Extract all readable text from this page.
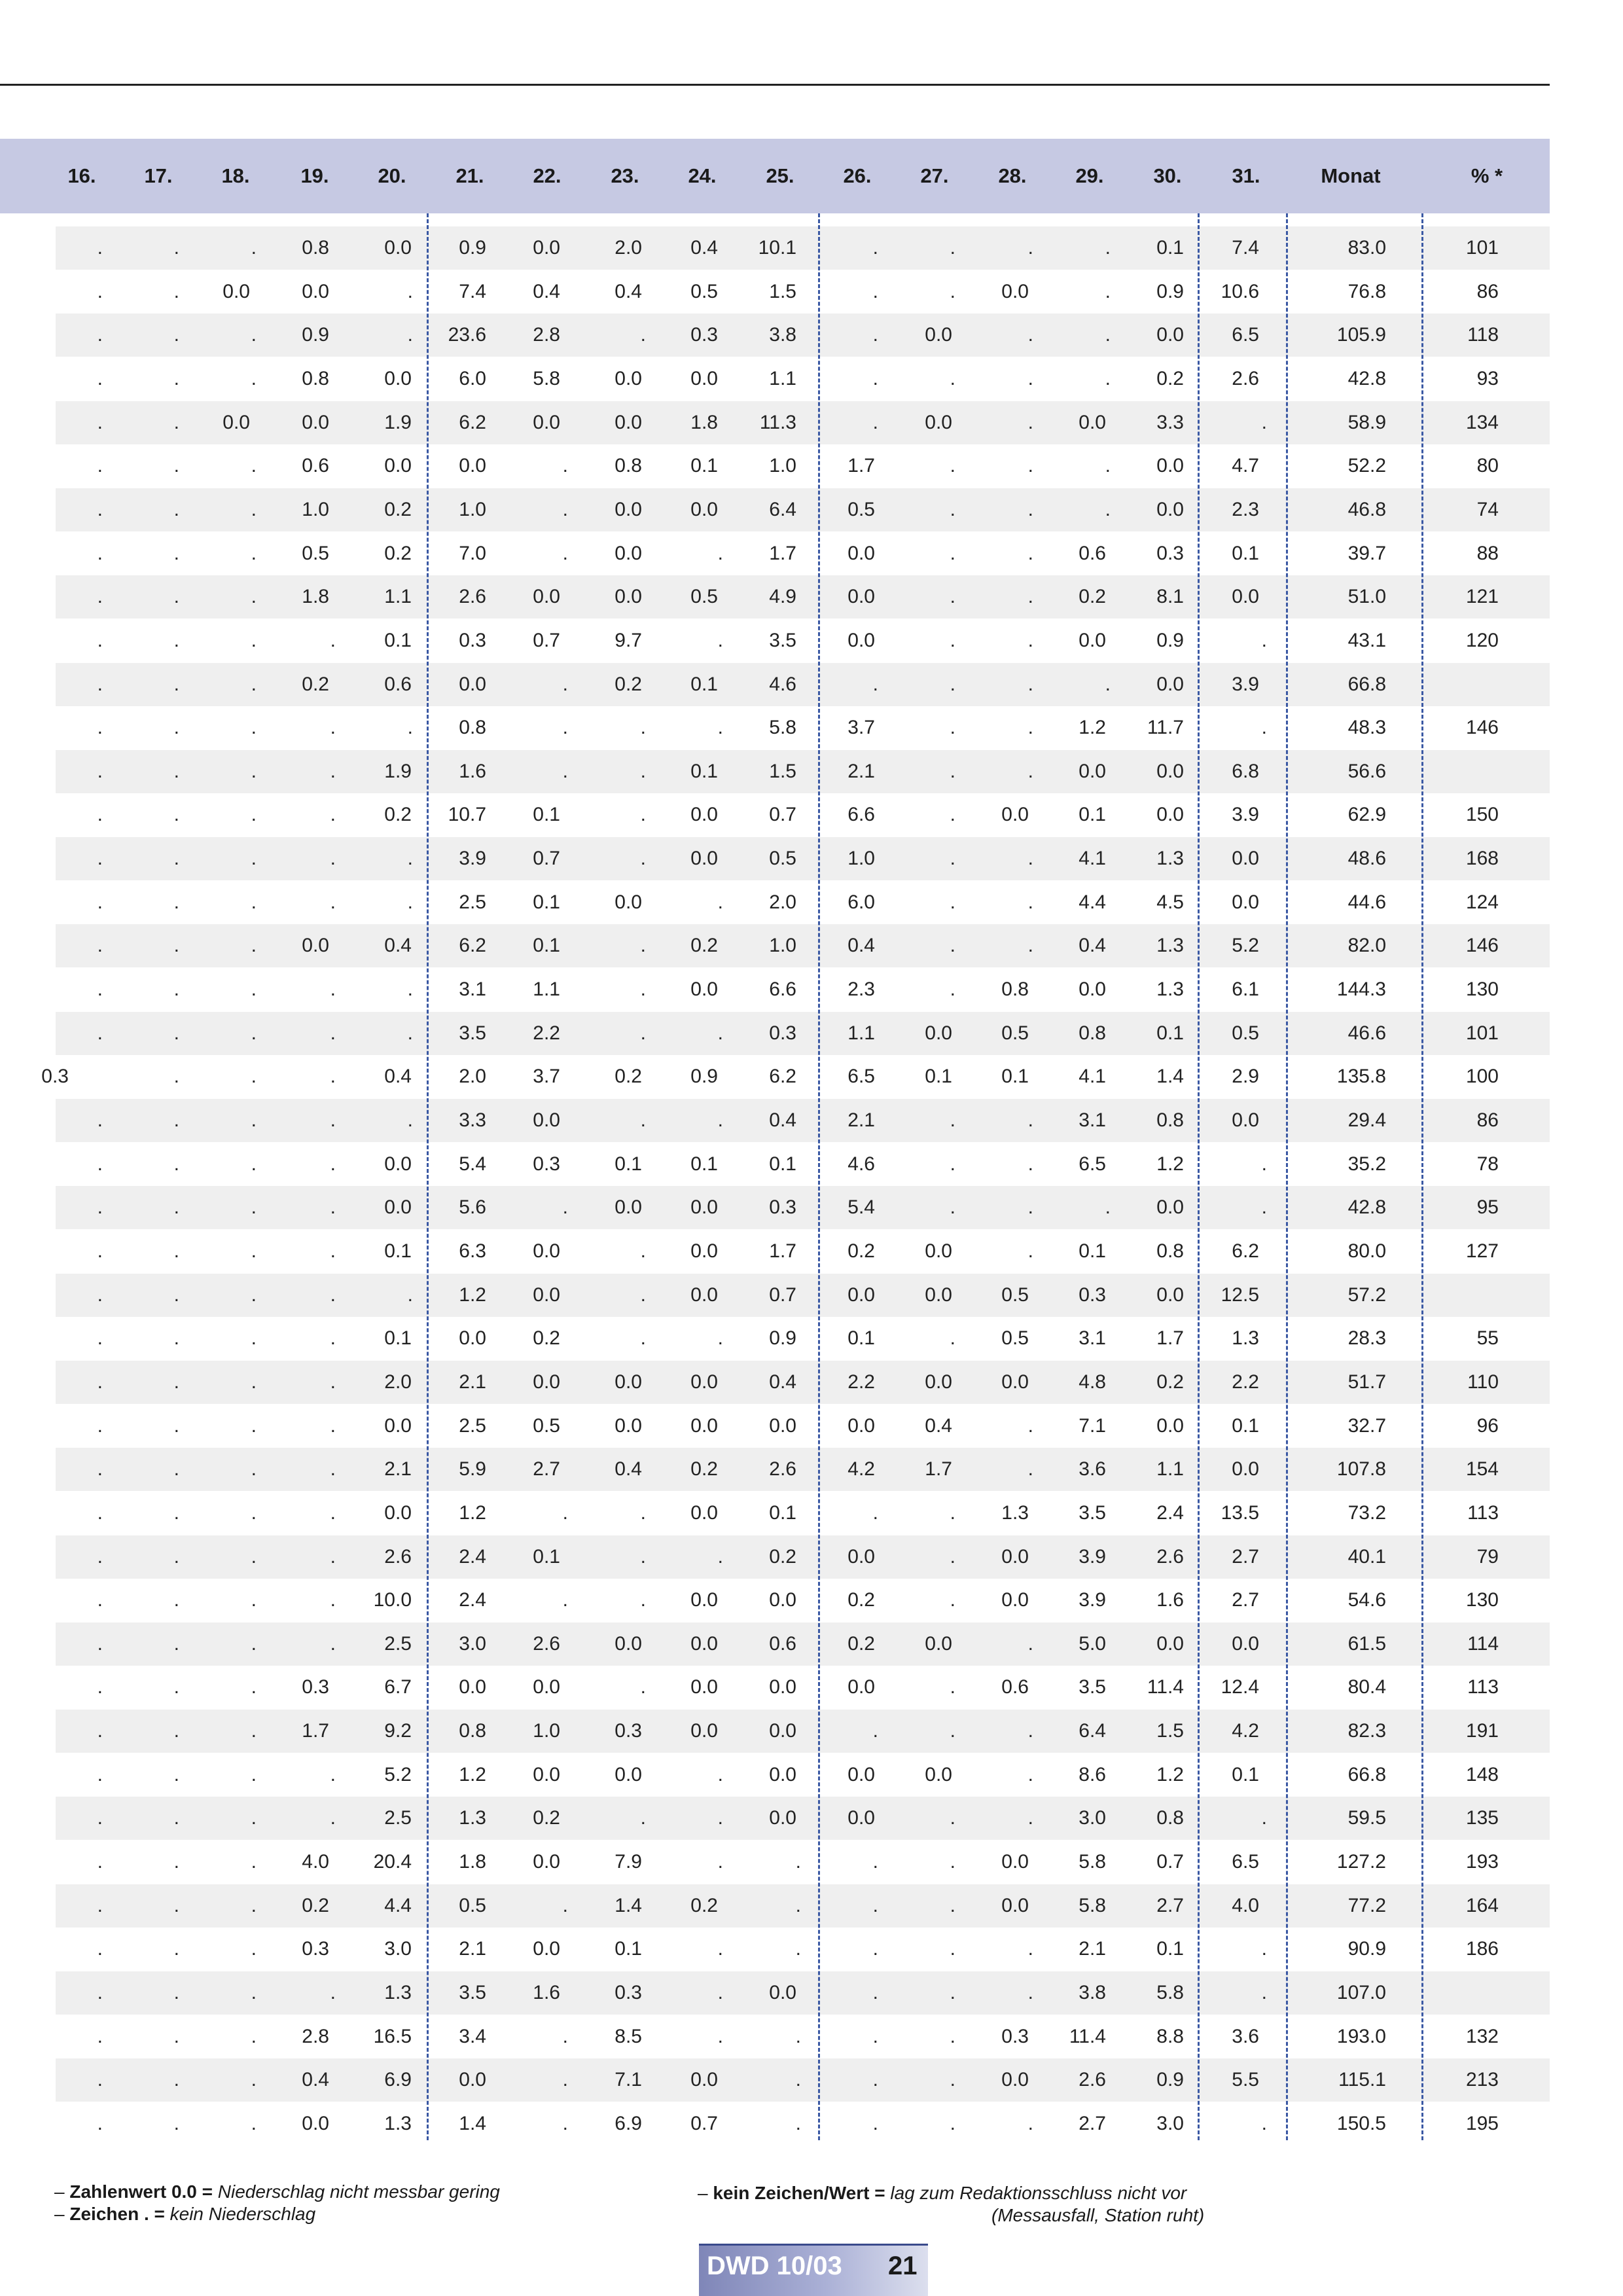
16.	17.	18.	19.	20.	21.	22.	23.	24.	25.	26.	27.	28.	29.	30.	31.	Monat	% *
.	.	.	0.8	0.0	0.9	0.0	2.0	0.4	10.1	.	.	.	.	0.1	7.4	83.0	101
.	.	0.0	0.0	.	7.4	0.4	0.4	0.5	1.5	.	.	0.0	.	0.9	10.6	76.8	86
.	.	.	0.9	.	23.6	2.8	.	0.3	3.8	.	0.0	.	.	0.0	6.5	105.9	118
.	.	.	0.8	0.0	6.0	5.8	0.0	0.0	1.1	.	.	.	.	0.2	2.6	42.8	93
.	.	0.0	0.0	1.9	6.2	0.0	0.0	1.8	11.3	.	0.0	.	0.0	3.3	.	58.9	134
.	.	.	0.6	0.0	0.0	.	0.8	0.1	1.0	1.7	.	.	.	0.0	4.7	52.2	80
.	.	.	1.0	0.2	1.0	.	0.0	0.0	6.4	0.5	.	.	.	0.0	2.3	46.8	74
.	.	.	0.5	0.2	7.0	.	0.0	.	1.7	0.0	.	.	0.6	0.3	0.1	39.7	88
.	.	.	1.8	1.1	2.6	0.0	0.0	0.5	4.9	0.0	.	.	0.2	8.1	0.0	51.0	121
.	.	.	.	0.1	0.3	0.7	9.7	.	3.5	0.0	.	.	0.0	0.9	.	43.1	120
.	.	.	0.2	0.6	0.0	.	0.2	0.1	4.6	.	.	.	.	0.0	3.9	66.8
.	.	.	.	.	0.8	.	.	.	5.8	3.7	.	.	1.2	11.7	.	48.3	146
.	.	.	.	1.9	1.6	.	.	0.1	1.5	2.1	.	.	0.0	0.0	6.8	56.6
.	.	.	.	0.2	10.7	0.1	.	0.0	0.7	6.6	.	0.0	0.1	0.0	3.9	62.9	150
.	.	.	.	.	3.9	0.7	.	0.0	0.5	1.0	.	.	4.1	1.3	0.0	48.6	168
.	.	.	.	.	2.5	0.1	0.0	.	2.0	6.0	.	.	4.4	4.5	0.0	44.6	124
.	.	.	0.0	0.4	6.2	0.1	.	0.2	1.0	0.4	.	.	0.4	1.3	5.2	82.0	146
.	.	.	.	.	3.1	1.1	.	0.0	6.6	2.3	.	0.8	0.0	1.3	6.1	144.3	130
.	.	.	.	.	3.5	2.2	.	.	0.3	1.1	0.0	0.5	0.8	0.1	0.5	46.6	101
0.3	.	.	.	0.4	2.0	3.7	0.2	0.9	6.2	6.5	0.1	0.1	4.1	1.4	2.9	135.8	100
.	.	.	.	.	3.3	0.0	.	.	0.4	2.1	.	.	3.1	0.8	0.0	29.4	86
.	.	.	.	0.0	5.4	0.3	0.1	0.1	0.1	4.6	.	.	6.5	1.2	.	35.2	78
.	.	.	.	0.0	5.6	.	0.0	0.0	0.3	5.4	.	.	.	0.0	.	42.8	95
.	.	.	.	0.1	6.3	0.0	.	0.0	1.7	0.2	0.0	.	0.1	0.8	6.2	80.0	127
.	.	.	.	.	1.2	0.0	.	0.0	0.7	0.0	0.0	0.5	0.3	0.0	12.5	57.2
.	.	.	.	0.1	0.0	0.2	.	.	0.9	0.1	.	0.5	3.1	1.7	1.3	28.3	55
.	.	.	.	2.0	2.1	0.0	0.0	0.0	0.4	2.2	0.0	0.0	4.8	0.2	2.2	51.7	110
.	.	.	.	0.0	2.5	0.5	0.0	0.0	0.0	0.0	0.4	.	7.1	0.0	0.1	32.7	96
.	.	.	.	2.1	5.9	2.7	0.4	0.2	2.6	4.2	1.7	.	3.6	1.1	0.0	107.8	154
.	.	.	.	0.0	1.2	.	.	0.0	0.1	.	.	1.3	3.5	2.4	13.5	73.2	113
.	.	.	.	2.6	2.4	0.1	.	.	0.2	0.0	.	0.0	3.9	2.6	2.7	40.1	79
.	.	.	.	10.0	2.4	.	.	0.0	0.0	0.2	.	0.0	3.9	1.6	2.7	54.6	130
.	.	.	.	2.5	3.0	2.6	0.0	0.0	0.6	0.2	0.0	.	5.0	0.0	0.0	61.5	114
.	.	.	0.3	6.7	0.0	0.0	.	0.0	0.0	0.0	.	0.6	3.5	11.4	12.4	80.4	113
.	.	.	1.7	9.2	0.8	1.0	0.3	0.0	0.0	.	.	.	6.4	1.5	4.2	82.3	191
.	.	.	.	5.2	1.2	0.0	0.0	.	0.0	0.0	0.0	.	8.6	1.2	0.1	66.8	148
.	.	.	.	2.5	1.3	0.2	.	.	0.0	0.0	.	.	3.0	0.8	.	59.5	135
.	.	.	4.0	20.4	1.8	0.0	7.9	.	.	.	.	0.0	5.8	0.7	6.5	127.2	193
.	.	.	0.2	4.4	0.5	.	1.4	0.2	.	.	.	0.0	5.8	2.7	4.0	77.2	164
.	.	.	0.3	3.0	2.1	0.0	0.1	.	.	.	.	.	2.1	0.1	.	90.9	186
.	.	.	.	1.3	3.5	1.6	0.3	.	0.0	.	.	.	3.8	5.8	.	107.0
.	.	.	2.8	16.5	3.4	.	8.5	.	.	.	.	0.3	11.4	8.8	3.6	193.0	132
.	.	.	0.4	6.9	0.0	.	7.1	0.0	.	.	.	0.0	2.6	0.9	5.5	115.1	213
.	.	.	0.0	1.3	1.4	.	6.9	0.7	.	.	.	.	2.7	3.0	.	150.5	195
– Zahlenwert 0.0 = Niederschlag nicht messbar gering
– Zeichen . = kein Niederschlag
– kein Zeichen/Wert = lag zum Redaktionsschluss nicht vor
(Messausfall, Station ruht)
DWD 10/03 21
